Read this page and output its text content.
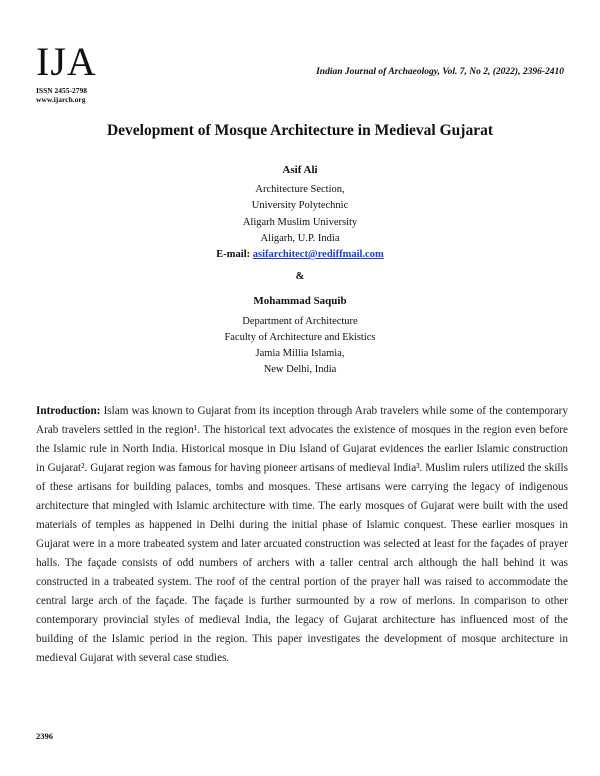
IJA
ISSN 2455-2798
www.ijarch.org
Indian Journal of Archaeology, Vol. 7, No 2, (2022), 2396-2410
Development of Mosque Architecture in Medieval Gujarat
Asif Ali
Architecture Section,
University Polytechnic
Aligarh Muslim University
Aligarh, U.P. India
E-mail: asifarchitect@rediffmail.com
&
Mohammad Saquib
Department of Architecture
Faculty of Architecture and Ekistics
Jamia Millia Islamia,
New Delhi, India
Introduction: Islam was known to Gujarat from its inception through Arab travelers while some of the contemporary Arab travelers settled in the region¹. The historical text advocates the existence of mosques in the region even before the Islamic rule in North India. Historical mosque in Diu Island of Gujarat evidences the earlier Islamic construction in Gujarat². Gujarat region was famous for having pioneer artisans of medieval India³. Muslim rulers utilized the skills of these artisans for building palaces, tombs and mosques. These artisans were carrying the legacy of indigenous architecture that mingled with Islamic architecture with time. The early mosques of Gujarat were built with the used materials of temples as happened in Delhi during the initial phase of Islamic conquest. These earlier mosques in Gujarat were in a more trabeated system and later arcuated construction was selected at least for the façades of prayer halls. The façade consists of odd numbers of archers with a taller central arch although the hall behind it was constructed in a trabeated system. The roof of the central portion of the prayer hall was raised to accommodate the central large arch of the façade. The façade is further surmounted by a row of merlons. In comparison to other contemporary provincial styles of medieval India, the legacy of Gujarat architecture has influenced most of the building of the Islamic period in the region. This paper investigates the development of mosque architecture in medieval Gujarat with several case studies.
2396
